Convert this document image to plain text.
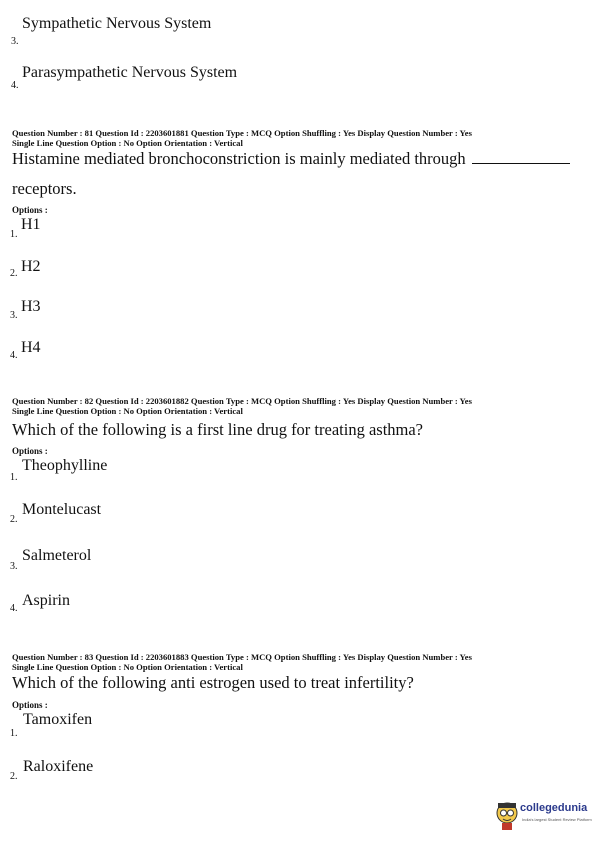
Sympathetic Nervous System
3.
Parasympathetic Nervous System
4.
Question Number : 81 Question Id : 2203601881 Question Type : MCQ Option Shuffling : Yes Display Question Number : Yes
Single Line Question Option : No Option Orientation : Vertical
Histamine mediated bronchoconstriction is mainly mediated through
receptors.
Options :
1.
H1
2. H2
3.
H3
4. H4
Question Number : 82 Question Id : 2203601882 Question Type : MCQ Option Shuffling : Yes Display Question Number : Yes
Single Line Question Option : No Option Orientation : Vertical
Which of the following is a first line drug for treating asthma?
Options :
1.
Theophylline
2.
Montelucast
3.
Salmeterol
4. Aspirin
Question Number : 83 Question Id : 2203601883 Question Type : MCQ Option Shuffling : Yes Display Question Number : Yes
Single Line Question Option : No Option Orientation : Vertical
Which of the following anti estrogen used to treat infertility?
Options :
1.
Tamoxifen
2.
Raloxifene
collegedunia
India's largest Student Review Platform
